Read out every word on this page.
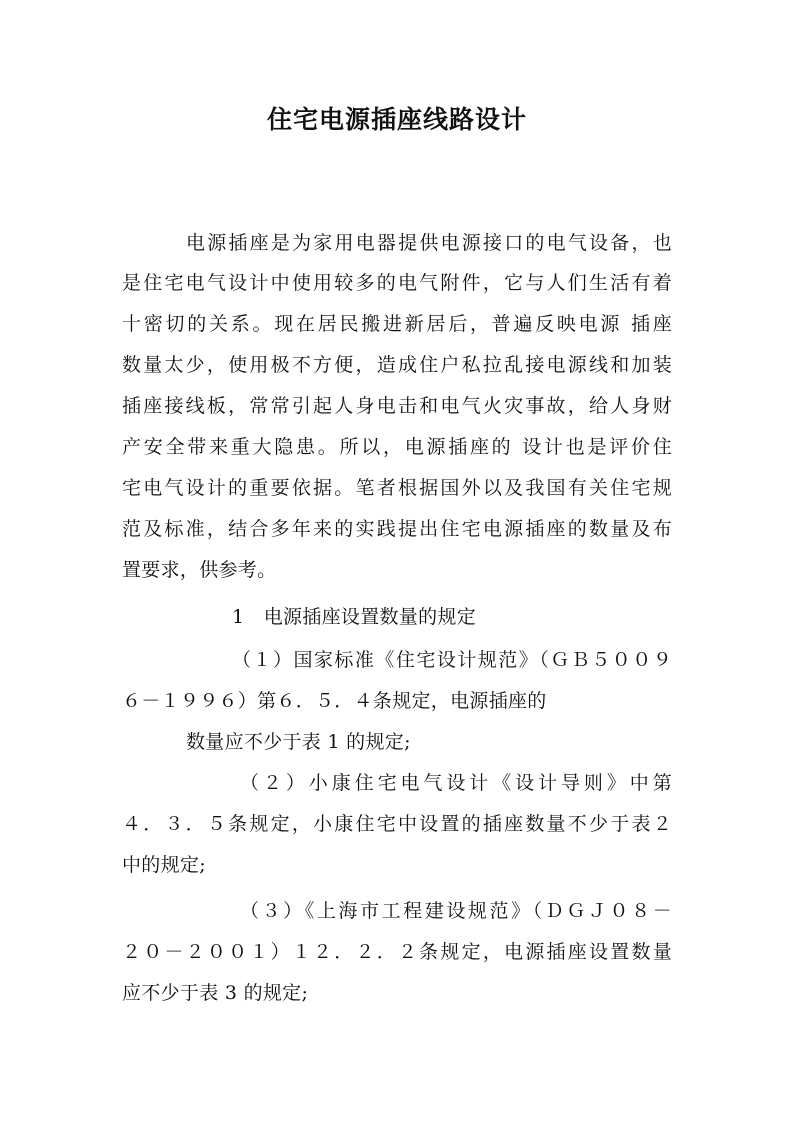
住宅电源插座线路设计
电源插座是为家用电器提供电源接口的电气设备，也
是住宅电气设计中使用较多的电气附件，它与人们生活有着
十密切的关系。现在居民搬进新居后，普遍反映电源 插座
数量太少，使用极不方便，造成住户私拉乱接电源线和加装
插座接线板，常常引起人身电击和电气火灾事故，给人身财
产安全带来重大隐患。所以，电源插座的 设计也是评价住
宅电气设计的重要依据。笔者根据国外以及我国有关住宅规
范及标准，结合多年来的实践提出住宅电源插座的数量及布
置要求，供参考。
1　电源插座设置数量的规定
（１）国家标准《住宅设计规范》（ＧＢ５００９
６－１９９６）第６．５．４条规定，电源插座的
数量应不少于表 1 的规定;
（２）小康住宅电气设计《设计导则》中第
４．３．５条规定，小康住宅中设置的插座数量不少于表２
中的规定;
（３）《上海市工程建设规范》（ＤＧＪ０８－
２０－２００１）１２．２．２条规定，电源插座设置数量
应不少于表 3 的规定;
